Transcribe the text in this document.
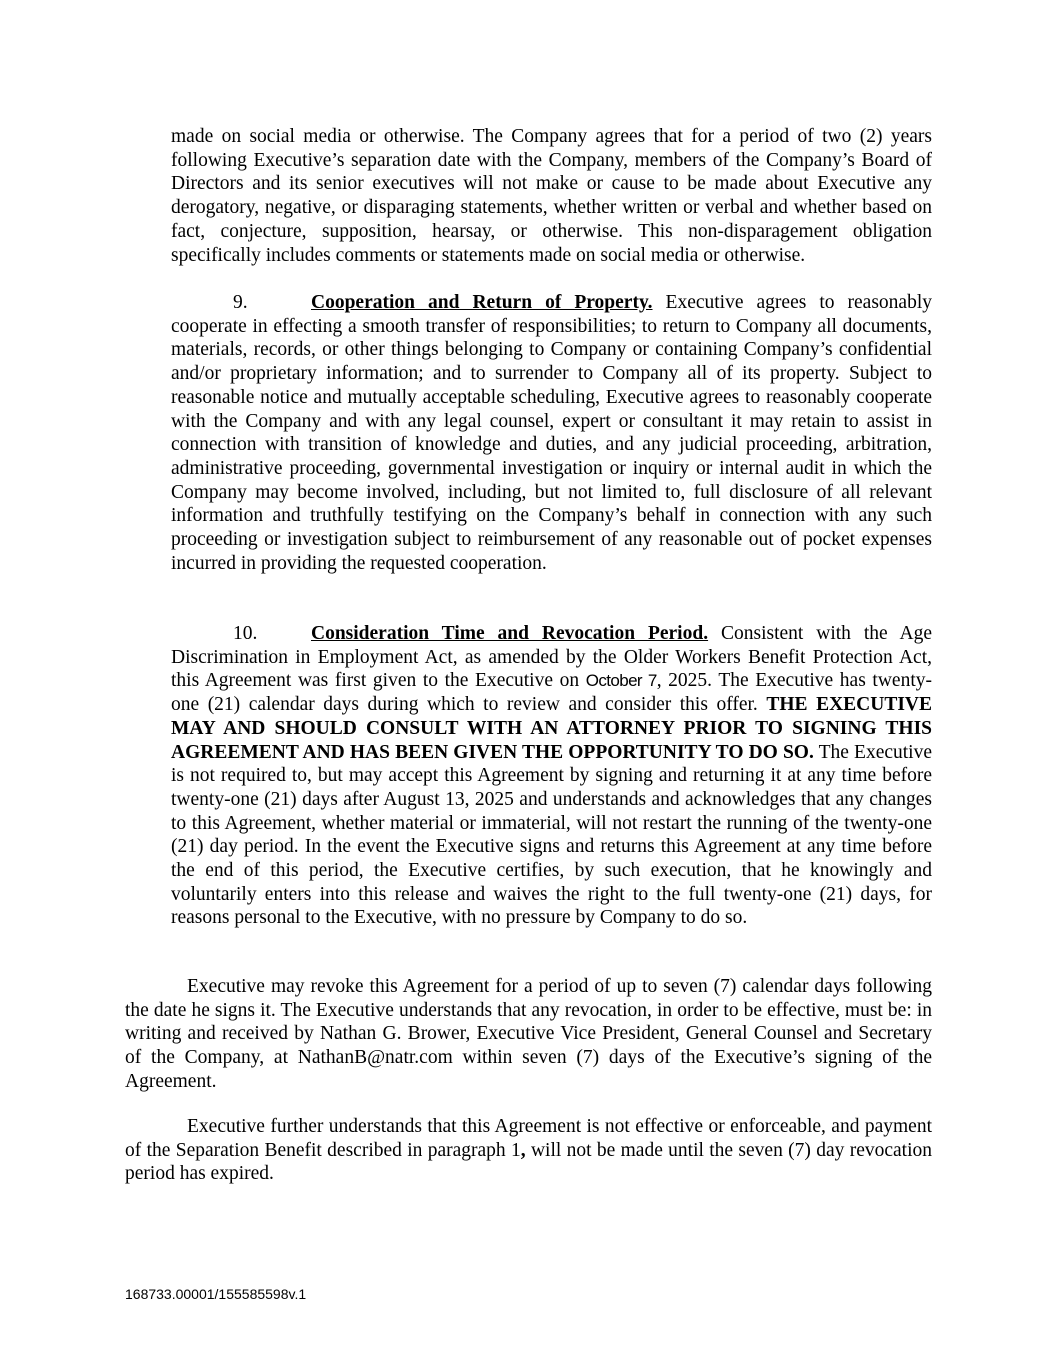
made on social media or otherwise. The Company agrees that for a period of two (2) years following Executive’s separation date with the Company, members of the Company’s Board of Directors and its senior executives will not make or cause to be made about Executive any derogatory, negative, or disparaging statements, whether written or verbal and whether based on fact, conjecture, supposition, hearsay, or otherwise. This non-disparagement obligation specifically includes comments or statements made on social media or otherwise.
9.	Cooperation and Return of Property. Executive agrees to reasonably cooperate in effecting a smooth transfer of responsibilities; to return to Company all documents, materials, records, or other things belonging to Company or containing Company’s confidential and/or proprietary information; and to surrender to Company all of its property. Subject to reasonable notice and mutually acceptable scheduling, Executive agrees to reasonably cooperate with the Company and with any legal counsel, expert or consultant it may retain to assist in connection with transition of knowledge and duties, and any judicial proceeding, arbitration, administrative proceeding, governmental investigation or inquiry or internal audit in which the Company may become involved, including, but not limited to, full disclosure of all relevant information and truthfully testifying on the Company’s behalf in connection with any such proceeding or investigation subject to reimbursement of any reasonable out of pocket expenses incurred in providing the requested cooperation.
10.	Consideration Time and Revocation Period. Consistent with the Age Discrimination in Employment Act, as amended by the Older Workers Benefit Protection Act, this Agreement was first given to the Executive on October 7, 2025. The Executive has twenty-one (21) calendar days during which to review and consider this offer. THE EXECUTIVE MAY AND SHOULD CONSULT WITH AN ATTORNEY PRIOR TO SIGNING THIS AGREEMENT AND HAS BEEN GIVEN THE OPPORTUNITY TO DO SO. The Executive is not required to, but may accept this Agreement by signing and returning it at any time before twenty-one (21) days after August 13, 2025 and understands and acknowledges that any changes to this Agreement, whether material or immaterial, will not restart the running of the twenty-one (21) day period. In the event the Executive signs and returns this Agreement at any time before the end of this period, the Executive certifies, by such execution, that he knowingly and voluntarily enters into this release and waives the right to the full twenty-one (21) days, for reasons personal to the Executive, with no pressure by Company to do so.
Executive may revoke this Agreement for a period of up to seven (7) calendar days following the date he signs it. The Executive understands that any revocation, in order to be effective, must be: in writing and received by Nathan G. Brower, Executive Vice President, General Counsel and Secretary of the Company, at NathanB@natr.com within seven (7) days of the Executive’s signing of the Agreement.
Executive further understands that this Agreement is not effective or enforceable, and payment of the Separation Benefit described in paragraph 1, will not be made until the seven (7) day revocation period has expired.
168733.00001/155585598v.1
